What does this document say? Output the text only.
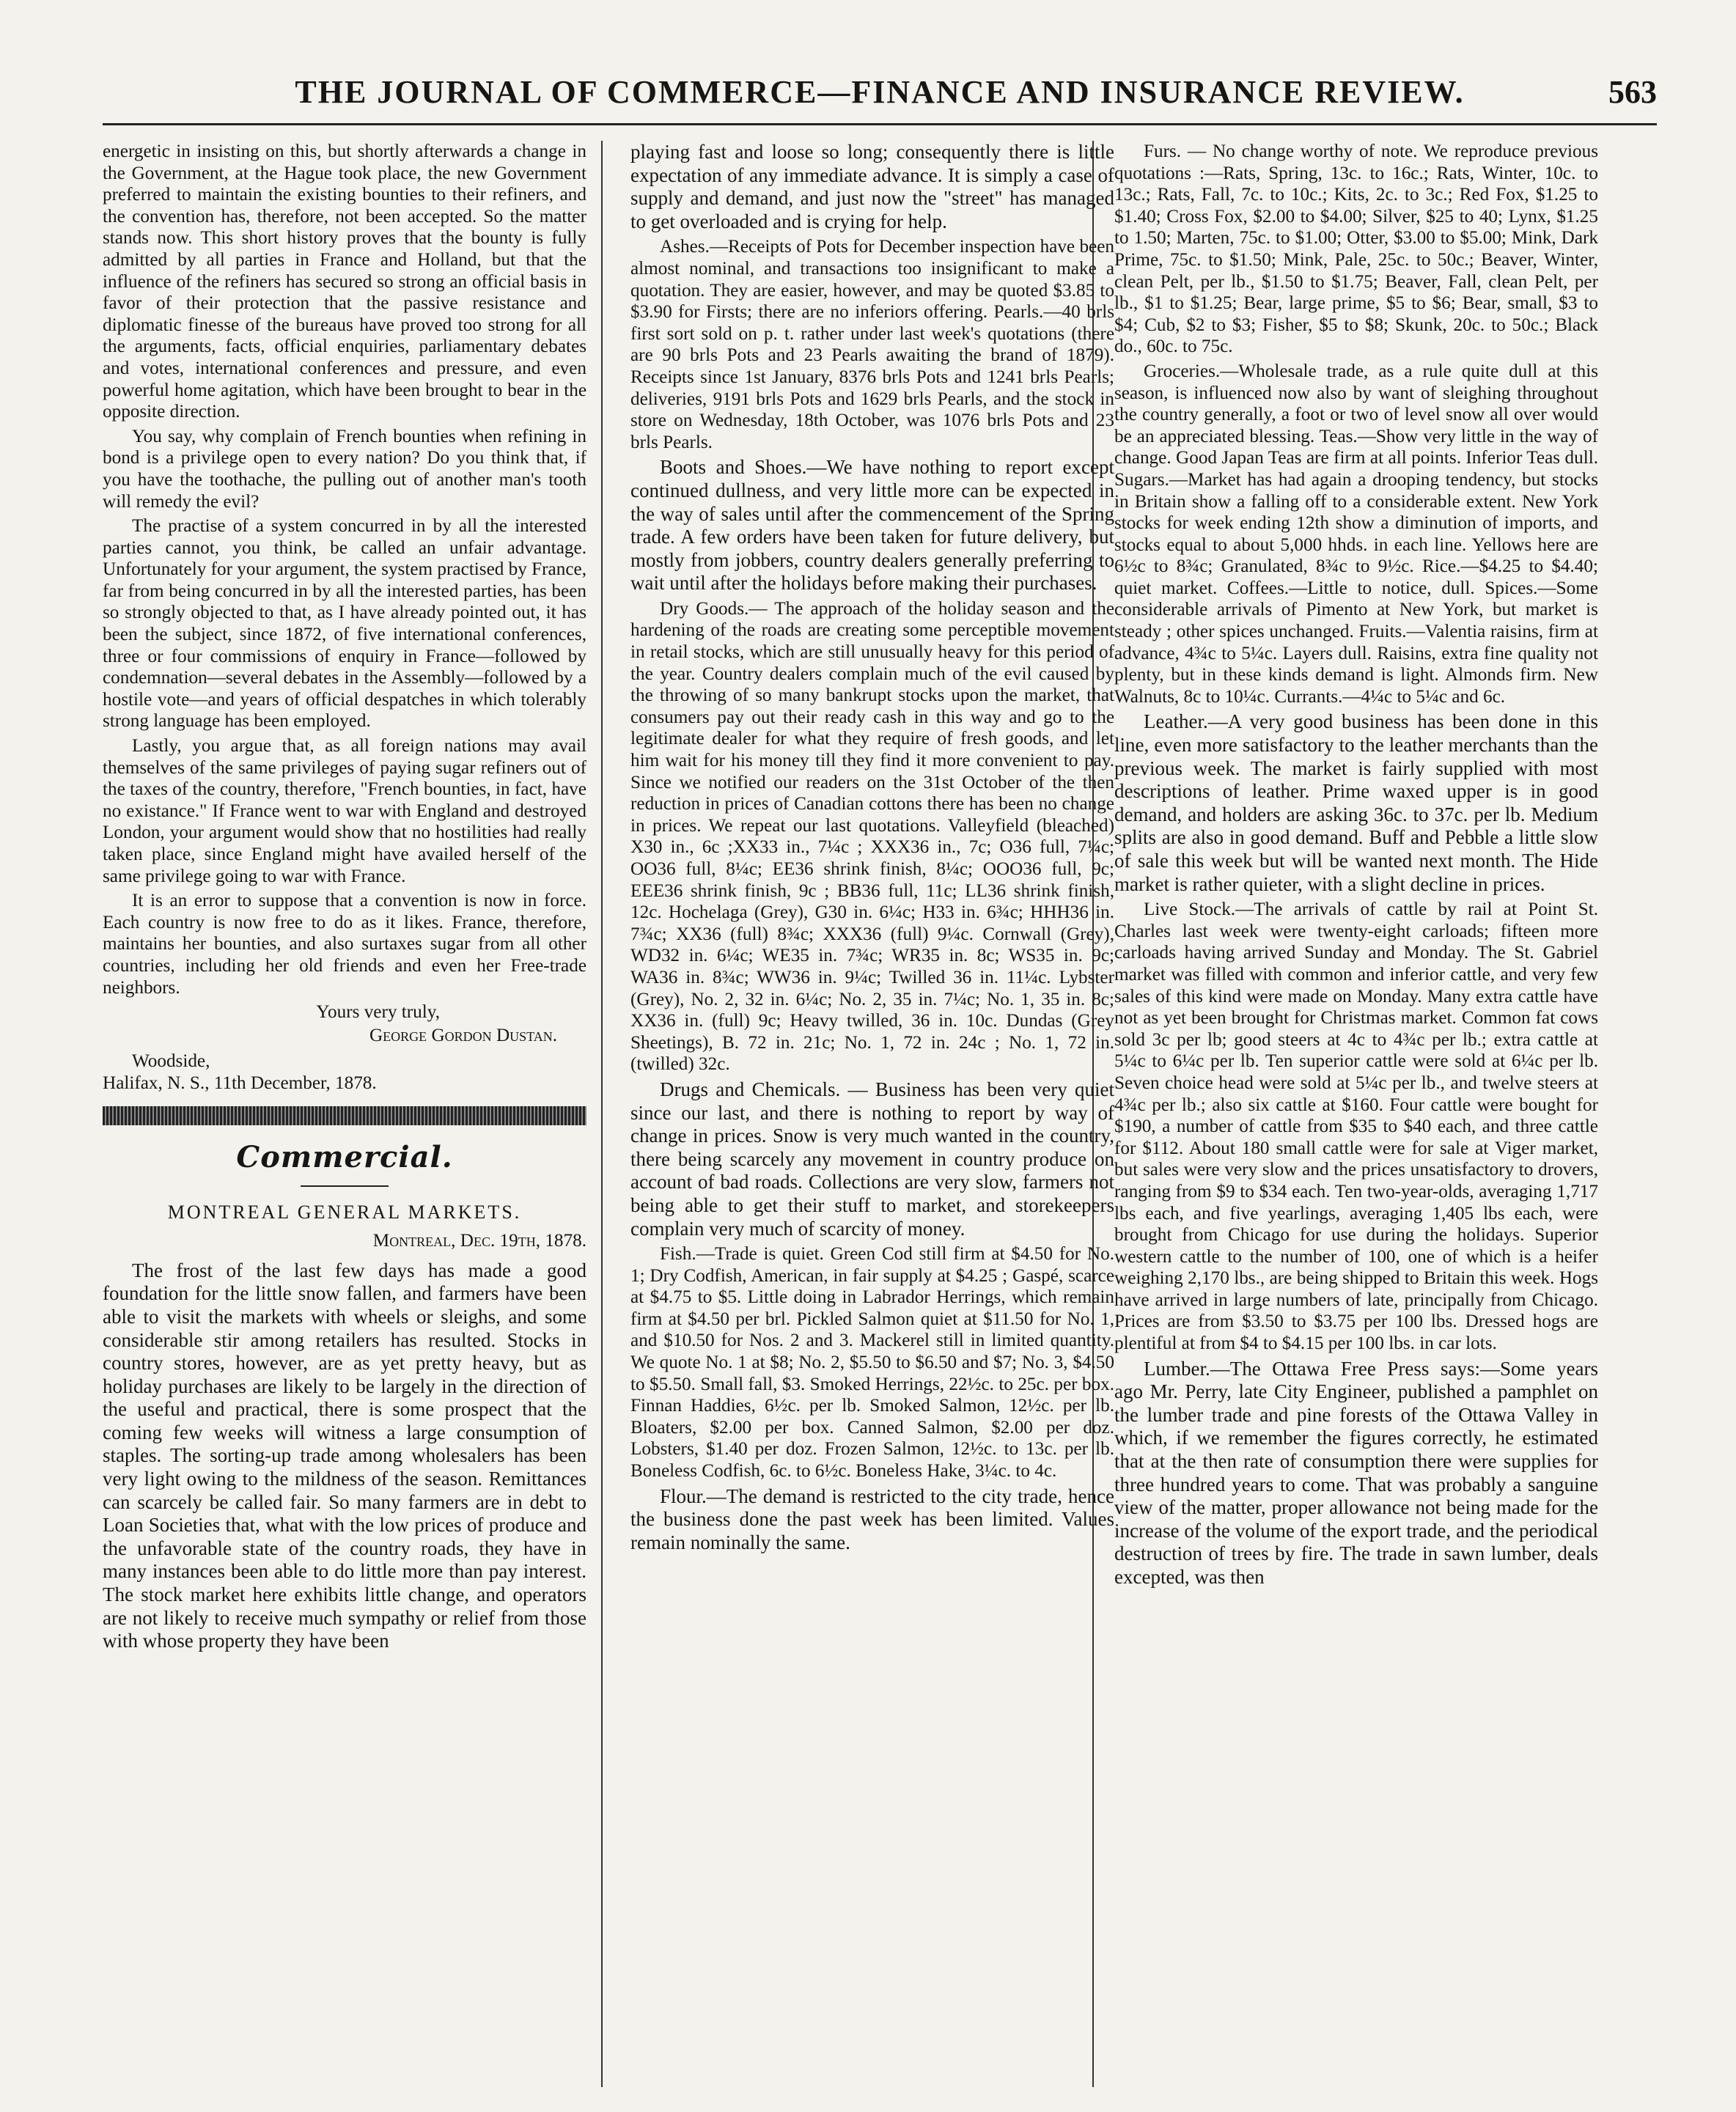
THE JOURNAL OF COMMERCE—FINANCE AND INSURANCE REVIEW.	563

energetic in insisting on this, but shortly afterwards a change in the Government, at the Hague took place, the new Government preferred to maintain the existing bounties to their refiners, and the convention has, therefore, not been accepted. So the matter stands now. This short history proves that the bounty is fully admitted by all parties in France and Holland, but that the influence of the refiners has secured so strong an official basis in favor of their protection that the passive resistance and diplomatic finesse of the bureaus have proved too strong for all the arguments, facts, official enquiries, parliamentary debates and votes, international conferences and pressure, and even powerful home agitation, which have been brought to bear in the opposite direction.

You say, why complain of French bounties when refining in bond is a privilege open to every nation? Do you think that, if you have the toothache, the pulling out of another man's tooth will remedy the evil?

The practise of a system concurred in by all the interested parties cannot, you think, be called an unfair advantage. Unfortunately for your argument, the system practised by France, far from being concurred in by all the interested parties, has been so strongly objected to that, as I have already pointed out, it has been the subject, since 1872, of five international conferences, three or four commissions of enquiry in France—followed by condemnation—several debates in the Assembly—followed by a hostile vote—and years of official despatches in which tolerably strong language has been employed.

Lastly, you argue that, as all foreign nations may avail themselves of the same privileges of paying sugar refiners out of the taxes of the country, therefore, "French bounties, in fact, have no existance." If France went to war with England and destroyed London, your argument would show that no hostilities had really taken place, since England might have availed herself of the same privilege going to war with France.

It is an error to suppose that a convention is now in force. Each country is now free to do as it likes. France, therefore, maintains her bounties, and also surtaxes sugar from all other countries, including her old friends and even her Free-trade neighbors.

Yours very truly,
George Gordon Dustan.
Woodside,
Halifax, N. S., 11th December, 1878.
Commercial.

MONTREAL GENERAL MARKETS.

Montreal, Dec. 19th, 1878.

The frost of the last few days has made a good foundation for the little snow fallen, and farmers have been able to visit the markets with wheels or sleighs, and some considerable stir among retailers has resulted. Stocks in country stores, however, are as yet pretty heavy, but as holiday purchases are likely to be largely in the direction of the useful and practical, there is some prospect that the coming few weeks will witness a large consumption of staples. The sorting-up trade among wholesalers has been very light owing to the mildness of the season. Remittances can scarcely be called fair. So many farmers are in debt to Loan Societies that, what with the low prices of produce and the unfavorable state of the country roads, they have in many instances been able to do little more than pay interest. The stock market here exhibits little change, and operators are not likely to receive much sympathy or relief from those with whose property they have been

playing fast and loose so long; consequently there is little expectation of any immediate advance. It is simply a case of supply and demand, and just now the "street" has managed to get overloaded and is crying for help.

Ashes.—Receipts of Pots for December inspection have been almost nominal, and transactions too insignificant to make a quotation. They are easier, however, and may be quoted $3.85 to $3.90 for Firsts; there are no inferiors offering. Pearls.—40 brls first sort sold on p. t. rather under last week's quotations (there are 90 brls Pots and 23 Pearls awaiting the brand of 1879). Receipts since 1st January, 8376 brls Pots and 1241 brls Pearls; deliveries, 9191 brls Pots and 1629 brls Pearls, and the stock in store on Wednesday, 18th October, was 1076 brls Pots and 23 brls Pearls.

Boots and Shoes.—We have nothing to report except continued dullness, and very little more can be expected in the way of sales until after the commencement of the Spring trade. A few orders have been taken for future delivery, but mostly from jobbers, country dealers generally preferring to wait until after the holidays before making their purchases.

Dry Goods.— The approach of the holiday season and the hardening of the roads are creating some perceptible movement in retail stocks, which are still unusually heavy for this period of the year. Country dealers complain much of the evil caused by the throwing of so many bankrupt stocks upon the market, that consumers pay out their ready cash in this way and go to the legitimate dealer for what they require of fresh goods, and let him wait for his money till they find it more convenient to pay. Since we notified our readers on the 31st October of the then reduction in prices of Canadian cottons there has been no change in prices. We repeat our last quotations. Valleyfield (bleached) X30 in., 6c ;XX33 in., 7¼c ; XXX36 in., 7c; O36 full, 7¼c; OO36 full, 8¼c; EE36 shrink finish, 8¼c; OOO36 full, 9c; EEE36 shrink finish, 9c ; BB36 full, 11c; LL36 shrink finish, 12c. Hochelaga (Grey), G30 in. 6¼c; H33 in. 6¾c; HHH36 in. 7¾c; XX36 (full) 8¾c; XXX36 (full) 9¼c. Cornwall (Grey), WD32 in. 6¼c; WE35 in. 7¾c; WR35 in. 8c; WS35 in. 9c; WA36 in. 8¾c; WW36 in. 9¼c; Twilled 36 in. 11¼c. Lybster (Grey), No. 2, 32 in. 6¼c; No. 2, 35 in. 7¼c; No. 1, 35 in. 8c; XX36 in. (full) 9c; Heavy twilled, 36 in. 10c. Dundas (Grey Sheetings), B. 72 in. 21c; No. 1, 72 in. 24c ; No. 1, 72 in. (twilled) 32c.

Drugs and Chemicals. — Business has been very quiet since our last, and there is nothing to report by way of change in prices. Snow is very much wanted in the country, there being scarcely any movement in country produce on account of bad roads. Collections are very slow, farmers not being able to get their stuff to market, and storekeepers complain very much of scarcity of money.

Fish.—Trade is quiet. Green Cod still firm at $4.50 for No. 1; Dry Codfish, American, in fair supply at $4.25 ; Gaspé, scarce at $4.75 to $5. Little doing in Labrador Herrings, which remain firm at $4.50 per brl. Pickled Salmon quiet at $11.50 for No. 1, and $10.50 for Nos. 2 and 3. Mackerel still in limited quantity. We quote No. 1 at $8; No. 2, $5.50 to $6.50 and $7; No. 3, $4.50 to $5.50. Small fall, $3. Smoked Herrings, 22½c. to 25c. per box. Finnan Haddies, 6½c. per lb. Smoked Salmon, 12½c. per lb. Bloaters, $2.00 per box. Canned Salmon, $2.00 per doz. Lobsters, $1.40 per doz. Frozen Salmon, 12½c. to 13c. per lb. Boneless Codfish, 6c. to 6½c. Boneless Hake, 3¼c. to 4c.

Flour.—The demand is restricted to the city trade, hence the business done the past week has been limited. Values remain nominally the same.

Furs. — No change worthy of note. We reproduce previous quotations :—Rats, Spring, 13c. to 16c.; Rats, Winter, 10c. to 13c.; Rats, Fall, 7c. to 10c.; Kits, 2c. to 3c.; Red Fox, $1.25 to $1.40; Cross Fox, $2.00 to $4.00; Silver, $25 to 40; Lynx, $1.25 to 1.50; Marten, 75c. to $1.00; Otter, $3.00 to $5.00; Mink, Dark Prime, 75c. to $1.50; Mink, Pale, 25c. to 50c.; Beaver, Winter, clean Pelt, per lb., $1.50 to $1.75; Beaver, Fall, clean Pelt, per lb., $1 to $1.25; Bear, large prime, $5 to $6; Bear, small, $3 to $4; Cub, $2 to $3; Fisher, $5 to $8; Skunk, 20c. to 50c.; Black do., 60c. to 75c.

Groceries.—Wholesale trade, as a rule quite dull at this season, is influenced now also by want of sleighing throughout the country generally, a foot or two of level snow all over would be an appreciated blessing. Teas.—Show very little in the way of change. Good Japan Teas are firm at all points. Inferior Teas dull. Sugars.—Market has had again a drooping tendency, but stocks in Britain show a falling off to a considerable extent. New York stocks for week ending 12th show a diminution of imports, and stocks equal to about 5,000 hhds. in each line. Yellows here are 6½c to 8¾c; Granulated, 8¾c to 9½c. Rice.—$4.25 to $4.40; quiet market. Coffees.—Little to notice, dull. Spices.—Some considerable arrivals of Pimento at New York, but market is steady ; other spices unchanged. Fruits.—Valentia raisins, firm at advance, 4¾c to 5¼c. Layers dull. Raisins, extra fine quality not plenty, but in these kinds demand is light. Almonds firm. New Walnuts, 8c to 10¼c. Currants.—4¼c to 5¼c and 6c.

Leather.—A very good business has been done in this line, even more satisfactory to the leather merchants than the previous week. The market is fairly supplied with most descriptions of leather. Prime waxed upper is in good demand, and holders are asking 36c. to 37c. per lb. Medium splits are also in good demand. Buff and Pebble a little slow of sale this week but will be wanted next month. The Hide market is rather quieter, with a slight decline in prices.

Live Stock.—The arrivals of cattle by rail at Point St. Charles last week were twenty-eight carloads; fifteen more carloads having arrived Sunday and Monday. The St. Gabriel market was filled with common and inferior cattle, and very few sales of this kind were made on Monday. Many extra cattle have not as yet been brought for Christmas market. Common fat cows sold 3c per lb; good steers at 4c to 4¾c per lb.; extra cattle at 5¼c to 6¼c per lb. Ten superior cattle were sold at 6¼c per lb. Seven choice head were sold at 5¼c per lb., and twelve steers at 4¾c per lb.; also six cattle at $160. Four cattle were bought for $190, a number of cattle from $35 to $40 each, and three cattle for $112. About 180 small cattle were for sale at Viger market, but sales were very slow and the prices unsatisfactory to drovers, ranging from $9 to $34 each. Ten two-year-olds, averaging 1,717 lbs each, and five yearlings, averaging 1,405 lbs each, were brought from Chicago for use during the holidays. Superior western cattle to the number of 100, one of which is a heifer weighing 2,170 lbs., are being shipped to Britain this week. Hogs have arrived in large numbers of late, principally from Chicago. Prices are from $3.50 to $3.75 per 100 lbs. Dressed hogs are plentiful at from $4 to $4.15 per 100 lbs. in car lots.

Lumber.—The Ottawa Free Press says:—Some years ago Mr. Perry, late City Engineer, published a pamphlet on the lumber trade and pine forests of the Ottawa Valley in which, if we remember the figures correctly, he estimated that at the then rate of consumption there were supplies for three hundred years to come. That was probably a sanguine view of the matter, proper allowance not being made for the increase of the volume of the export trade, and the periodical destruction of trees by fire. The trade in sawn lumber, deals excepted, was then
